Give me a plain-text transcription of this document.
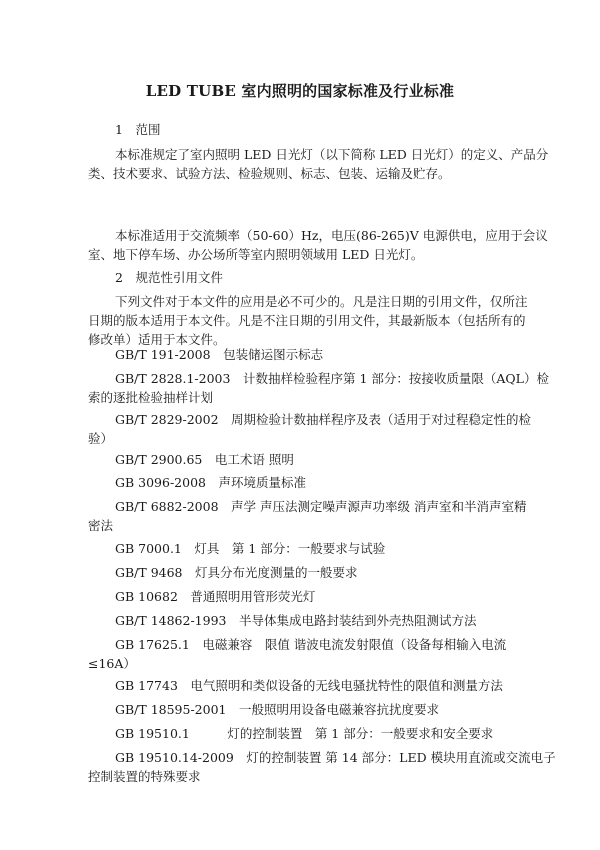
LED TUBE 室内照明的国家标准及行业标准
1　范围
本标准规定了室内照明 LED 日光灯（以下简称 LED 日光灯）的定义、产品分
类、技术要求、试验方法、检验规则、标志、包装、运输及贮存。
本标准适用于交流频率（50-60）Hz，电压(86-265)V 电源供电，应用于会议
室、地下停车场、办公场所等室内照明领域用 LED 日光灯。
2　规范性引用文件
下列文件对于本文件的应用是必不可少的。凡是注日期的引用文件，仅所注
日期的版本适用于本文件。凡是不注日期的引用文件，其最新版本（包括所有的
修改单）适用于本文件。
GB/T 191-2008　包装储运图示标志
GB/T 2828.1-2003　计数抽样检验程序第 1 部分：按接收质量限（AQL）检
索的逐批检验抽样计划
GB/T 2829-2002　周期检验计数抽样程序及表（适用于对过程稳定性的检
验）
GB/T 2900.65　电工术语 照明
GB 3096-2008　声环境质量标准
GB/T 6882-2008　声学 声压法测定噪声源声功率级 消声室和半消声室精
密法
GB 7000.1　灯具　第 1 部分：一般要求与试验
GB/T 9468　灯具分布光度测量的一般要求
GB 10682　普通照明用管形荧光灯
GB/T 14862-1993　半导体集成电路封装结到外壳热阻测试方法
GB 17625.1　电磁兼容　限值 谐波电流发射限值（设备每相输入电流
≤16A）
GB 17743　电气照明和类似设备的无线电骚扰特性的限值和测量方法
GB/T 18595-2001　一般照明用设备电磁兼容抗扰度要求
GB 19510.1　　　灯的控制装置　第 1 部分：一般要求和安全要求
GB 19510.14-2009　灯的控制装置 第 14 部分：LED 模块用直流或交流电子
控制装置的特殊要求
